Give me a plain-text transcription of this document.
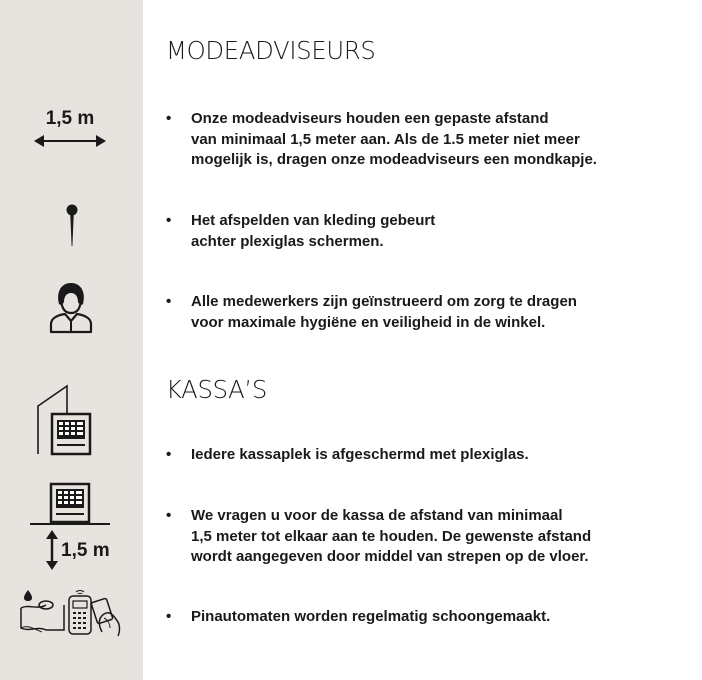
1,5 m
1,5 m
MODEADVISEURS
•	Onze modeadviseurs houden een gepaste afstand
van minimaal 1,5 meter aan. Als de 1.5 meter niet meer
mogelijk is, dragen onze modeadviseurs een mondkapje.
•	Het afspelden van kleding gebeurt
achter plexiglas schermen.
•	Alle medewerkers zijn geïnstrueerd om zorg te dragen
voor maximale hygiëne en veiligheid in de winkel.
KASSA’S
•	Iedere kassaplek is afgeschermd met plexiglas.
•	We vragen u voor de kassa de afstand van minimaal
1,5 meter tot elkaar aan te houden. De gewenste afstand
wordt aangegeven door middel van strepen op de vloer.
•	Pinautomaten worden regelmatig schoongemaakt.
